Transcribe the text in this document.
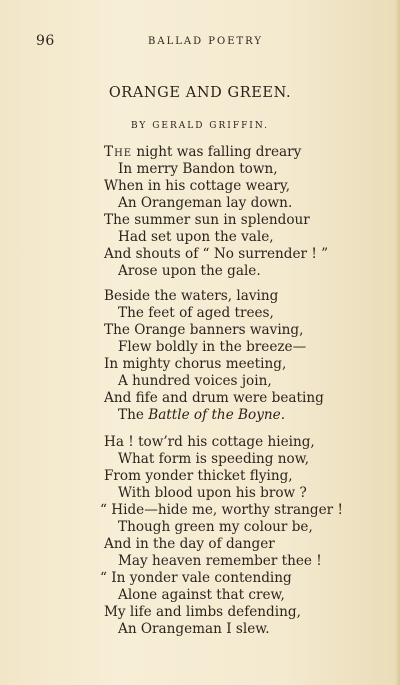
96	BALLAD POETRY
ORANGE AND GREEN.
BY GERALD GRIFFIN.
The night was falling dreary
In merry Bandon town,
When in his cottage weary,
An Orangeman lay down.
The summer sun in splendour
Had set upon the vale,
And shouts of “ No surrender ! ”
Arose upon the gale.
Beside the waters, laving
The feet of aged trees,
The Orange banners waving,
Flew boldly in the breeze—
In mighty chorus meeting,
A hundred voices join,
And fife and drum were beating
The Battle of the Boyne.
Ha ! tow’rd his cottage hieing,
What form is speeding now,
From yonder thicket flying,
With blood upon his brow ?
“ Hide—hide me, worthy stranger !
Though green my colour be,
And in the day of danger
May heaven remember thee !
“ In yonder vale contending
Alone against that crew,
My life and limbs defending,
An Orangeman I slew.
